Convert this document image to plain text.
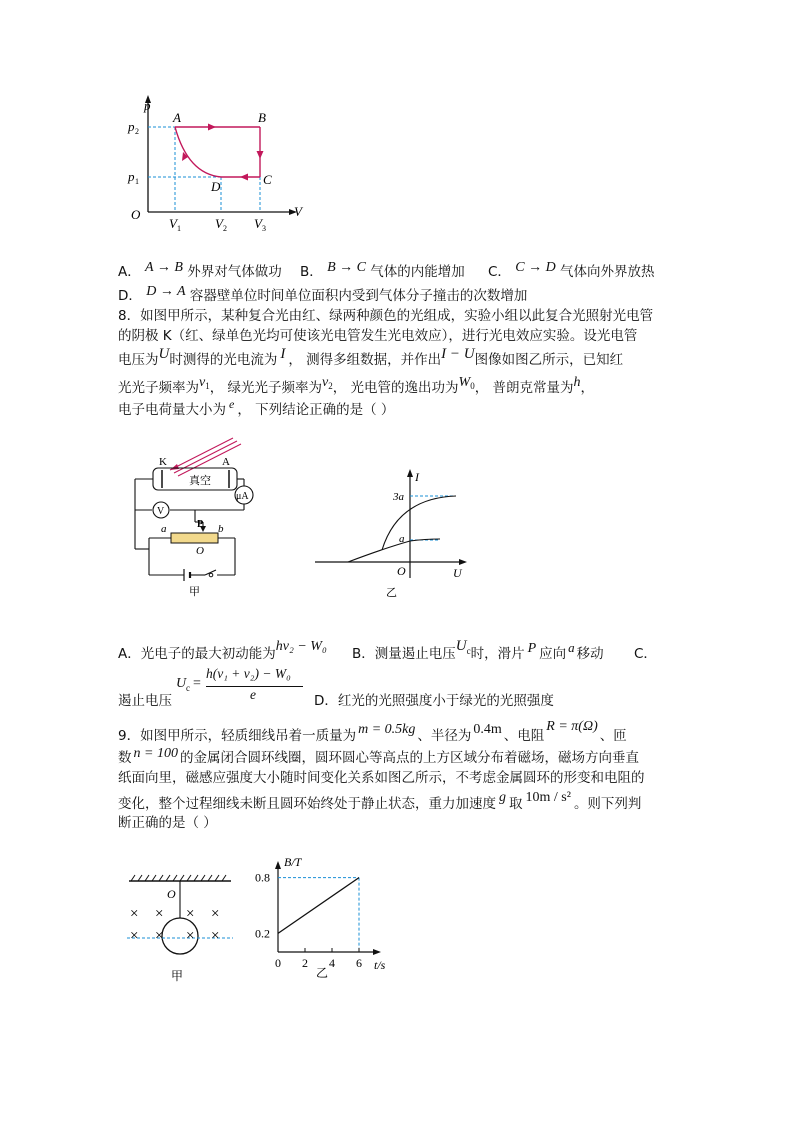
p
V
O
A	B
C
D
p 2
p 1
V 1	V 2 V 3
A． A → B 外界对气体做功 B． B → C 气体的内能增加 C． C → D 气体向外界放热
D． D → A 容器壁单位时间单位面积内受到气体分子撞击的次数增加
8．如图甲所示，某种复合光由红、绿两种颜色的光组成，实验小组以此复合光照射光电管
的阴极 K（红、绿单色光均可使该光电管发生光电效应），进行光电效应实验。设光电管
电压为U时测得的光电流为 I ， 测得多组数据，并作出I − U图像如图乙所示，已知红
光光子频率为$v^1$， 绿光光子频率为$v^2$， 光电管的逸出功为$W^0$， 普朗克常量为h，
电子电荷量大小为 e ， 下列结论正确的是（ ）
真空
K	A
μA
V
P
a	b
O
甲
I
U
O
3a
a
乙
A．光电子的最大初动能为hv₂ − W₀ B．测量遏止电压$U^c$时，滑片 P 应向 a 移动 C．
遏止电压
U c =
h(v₁ + v₂) − W₀
e	D．红光的光照强度小于绿光的光照强度
9．如图甲所示，轻质细线吊着一质量为 m = 0.5kg 、半径为 0.4m 、电阻R = π(Ω)、匝
数 n = 100 的金属闭合圆环线圈，圆环圆心等高点的上方区域分布着磁场，磁场方向垂直
纸面向里，磁感应强度大小随时间变化关系如图乙所示，不考虑金属圆环的形变和电阻的
变化，整个过程细线未断且圆环始终处于静止状态，重力加速度 g 取 10m / s² 。则下列判
断正确的是（ ）
O
× × × ×
× × × ×
甲
0 2 4 6
0.2
0.8
B/T
t/s
乙
